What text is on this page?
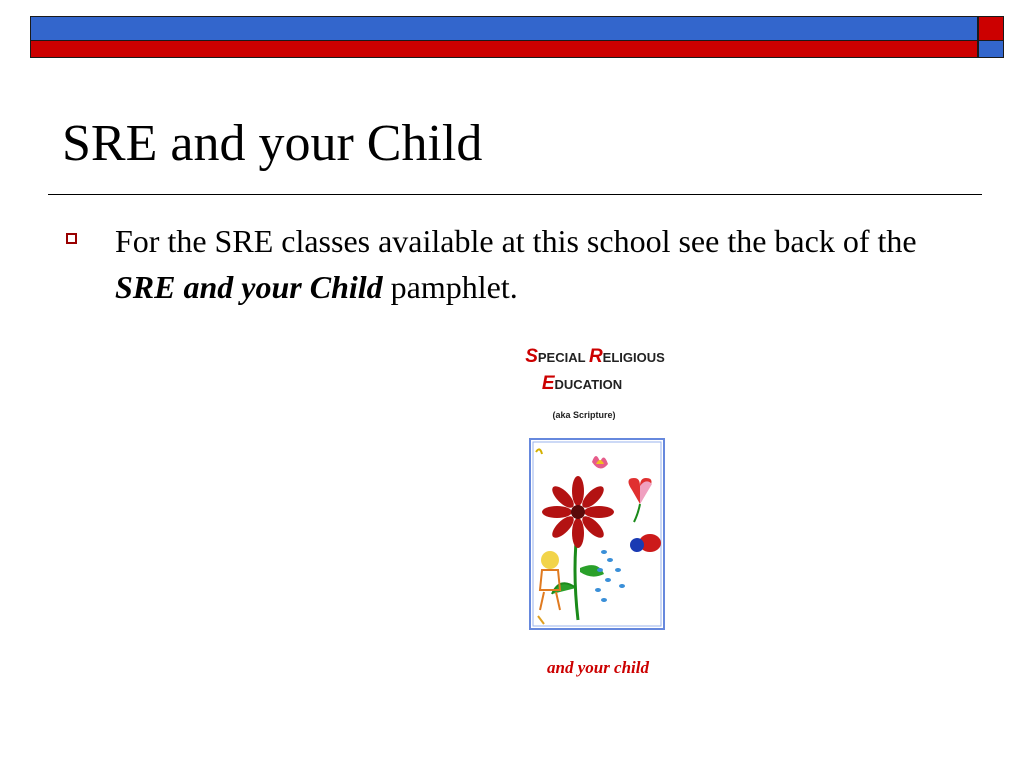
SRE and your Child
For the SRE classes available at this school see the back of the SRE and your Child pamphlet.
SPECIAL RELIGIOUS
EDUCATION
(aka Scripture)
and your child
